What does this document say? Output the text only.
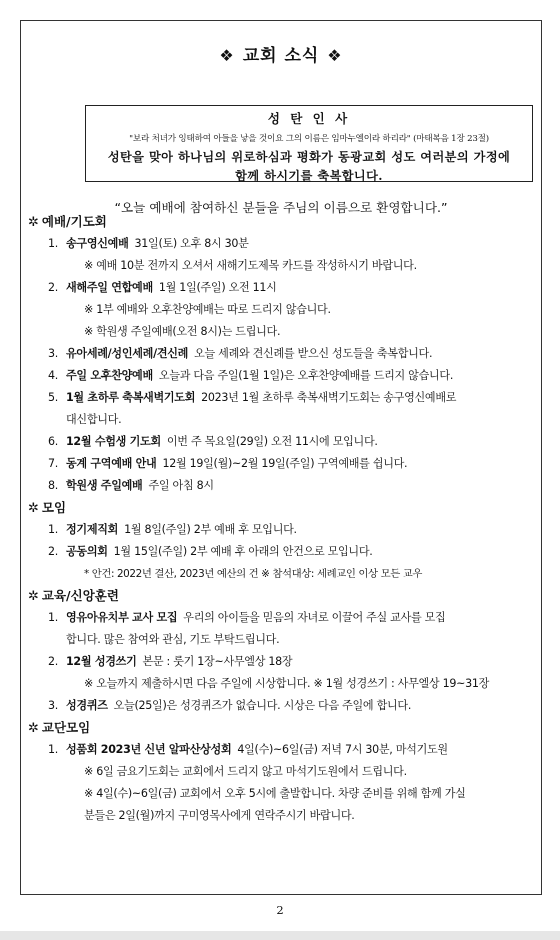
❖ 교회 소식 ❖
성 탄 인 사
"보라 처녀가 잉태하여 아들을 낳을 것이요 그의 이름은 임마누엘이라 하리라" (마태복음 1장 23절)
성탄을 맞아 하나님의 위로하심과 평화가 동광교회 성도 여러분의 가정에
함께 하시기를 축복합니다.
“오늘 예배에 참여하신 분들을 주님의 이름으로 환영합니다.”
✲ 예배/기도회
1. 송구영신예배 31일(토) 오후 8시 30분
※ 예배 10분 전까지 오셔서 새해기도제목 카드를 작성하시기 바랍니다.
2. 새해주일 연합예배 1월 1일(주일) 오전 11시
※ 1부 예배와 오후찬양예배는 따로 드리지 않습니다.
※ 학원생 주일예배(오전 8시)는 드립니다.
3. 유아세례/성인세례/견신례 오늘 세례와 견신례를 받으신 성도들을 축복합니다.
4. 주일 오후찬양예배 오늘과 다음 주일(1월 1일)은 오후찬양예배를 드리지 않습니다.
5. 1월 초하루 축복새벽기도회 2023년 1월 초하루 축복새벽기도회는 송구영신예배로
대신합니다.
6. 12월 수험생 기도회 이번 주 목요일(29일) 오전 11시에 모입니다.
7. 동계 구역예배 안내 12월 19일(월)~2월 19일(주일) 구역예배를 쉽니다.
8. 학원생 주일예배 주일 아침 8시
✲ 모임
1. 정기제직회 1월 8일(주일) 2부 예배 후 모입니다.
2. 공동의회 1월 15일(주일) 2부 예배 후 아래의 안건으로 모입니다.
* 안건: 2022년 결산, 2023년 예산의 건 ※ 참석대상: 세례교인 이상 모든 교우
✲ 교육/신앙훈련
1. 영유아유치부 교사 모집 우리의 아이들을 믿음의 자녀로 이끌어 주실 교사를 모집
합니다. 많은 참여와 관심, 기도 부탁드립니다.
2. 12월 성경쓰기 본문 : 룻기 1장~사무엘상 18장
※ 오늘까지 제출하시면 다음 주일에 시상합니다. ※ 1월 성경쓰기 : 사무엘상 19~31장
3. 성경퀴즈 오늘(25일)은 성경퀴즈가 없습니다. 시상은 다음 주일에 합니다.
✲ 교단모임
1. 성품회 2023년 신년 알파산상성회 4일(수)~6일(금) 저녁 7시 30분, 마석기도원
※ 6일 금요기도회는 교회에서 드리지 않고 마석기도원에서 드립니다.
※ 4일(수)~6일(금) 교회에서 오후 5시에 출발합니다. 차량 준비를 위해 함께 가실
분들은 2일(월)까지 구미영목사에게 연락주시기 바랍니다.
2
